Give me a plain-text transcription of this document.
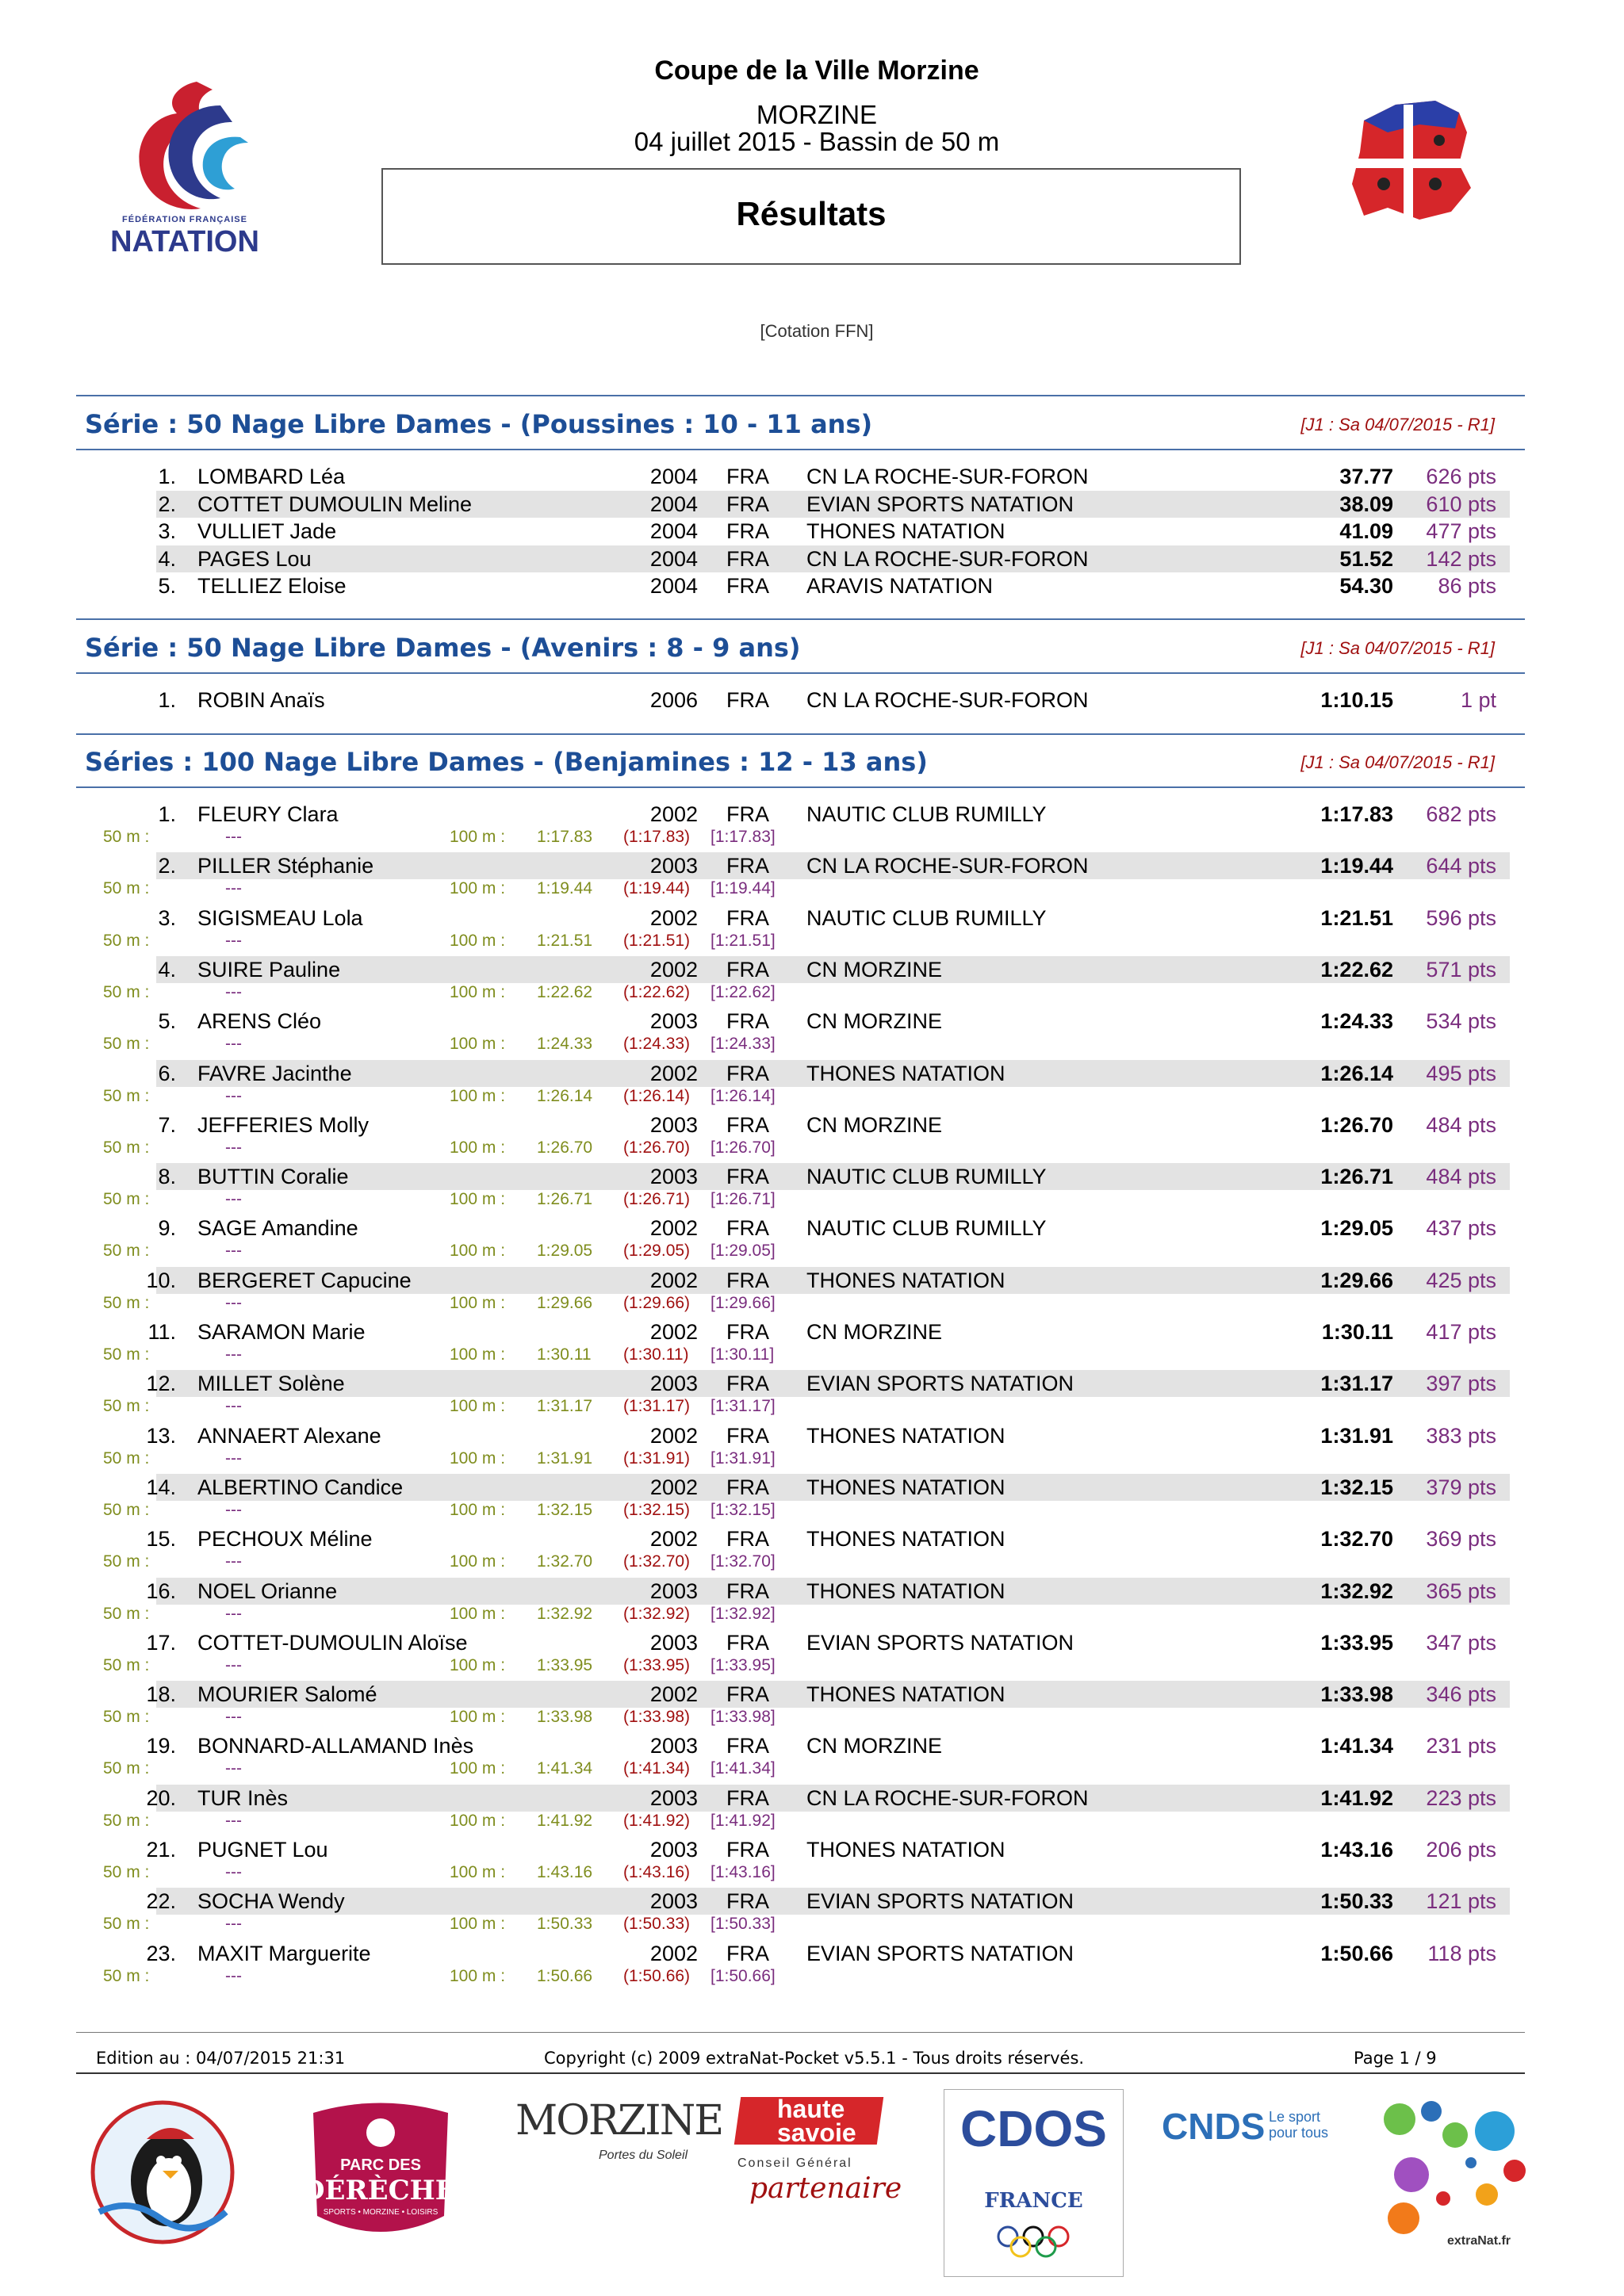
FÉDÉRATION FRANÇAISE
NATATION
Coupe de la Ville Morzine
MORZINE
04 juillet 2015 - Bassin de 50 m
Résultats
[Cotation FFN]
Série : 50 Nage Libre Dames - (Poussines : 10 - 11 ans)	[J1 : Sa 04/07/2015 - R1]
1. LOMBARD Léa	2004 FRA CN LA ROCHE-SUR-FORON	37.77	626 pts
2. COTTET DUMOULIN Meline	2004 FRA EVIAN SPORTS NATATION	38.09	610 pts
3. VULLIET Jade	2004 FRA THONES NATATION	41.09	477 pts
4. PAGES Lou	2004 FRA CN LA ROCHE-SUR-FORON	51.52	142 pts
5. TELLIEZ Eloise	2004 FRA ARAVIS NATATION	54.30	86 pts
Série : 50 Nage Libre Dames - (Avenirs : 8 - 9 ans)	[J1 : Sa 04/07/2015 - R1]
1. ROBIN Anaïs	2006 FRA CN LA ROCHE-SUR-FORON	1:10.15	1 pt
Séries : 100 Nage Libre Dames - (Benjamines : 12 - 13 ans)	[J1 : Sa 04/07/2015 - R1]
1. FLEURY Clara	2002 FRA NAUTIC CLUB RUMILLY	1:17.83	682 pts
50 m :	---	100 m : 1:17.83 (1:17.83) [1:17.83]
2. PILLER Stéphanie	2003 FRA CN LA ROCHE-SUR-FORON	1:19.44	644 pts
50 m :	---	100 m : 1:19.44 (1:19.44) [1:19.44]
3. SIGISMEAU Lola	2002 FRA NAUTIC CLUB RUMILLY	1:21.51	596 pts
50 m :	---	100 m : 1:21.51 (1:21.51) [1:21.51]
4. SUIRE Pauline	2002 FRA CN MORZINE	1:22.62	571 pts
50 m :	---	100 m : 1:22.62 (1:22.62) [1:22.62]
5. ARENS Cléo	2003 FRA CN MORZINE	1:24.33	534 pts
50 m :	---	100 m : 1:24.33 (1:24.33) [1:24.33]
6. FAVRE Jacinthe	2002 FRA THONES NATATION	1:26.14	495 pts
50 m :	---	100 m : 1:26.14 (1:26.14) [1:26.14]
7. JEFFERIES Molly	2003 FRA CN MORZINE	1:26.70	484 pts
50 m :	---	100 m : 1:26.70 (1:26.70) [1:26.70]
8. BUTTIN Coralie	2003 FRA NAUTIC CLUB RUMILLY	1:26.71	484 pts
50 m :	---	100 m : 1:26.71 (1:26.71) [1:26.71]
9. SAGE Amandine	2002 FRA NAUTIC CLUB RUMILLY	1:29.05	437 pts
50 m :	---	100 m : 1:29.05 (1:29.05) [1:29.05]
10. BERGERET Capucine	2002 FRA THONES NATATION	1:29.66	425 pts
50 m :	---	100 m : 1:29.66 (1:29.66) [1:29.66]
11. SARAMON Marie	2002 FRA CN MORZINE	1:30.11	417 pts
50 m :	---	100 m : 1:30.11 (1:30.11) [1:30.11]
12. MILLET Solène	2003 FRA EVIAN SPORTS NATATION	1:31.17	397 pts
50 m :	---	100 m : 1:31.17 (1:31.17) [1:31.17]
13. ANNAERT Alexane	2002 FRA THONES NATATION	1:31.91	383 pts
50 m :	---	100 m : 1:31.91 (1:31.91) [1:31.91]
14. ALBERTINO Candice	2002 FRA THONES NATATION	1:32.15	379 pts
50 m :	---	100 m : 1:32.15 (1:32.15) [1:32.15]
15. PECHOUX Méline	2002 FRA THONES NATATION	1:32.70	369 pts
50 m :	---	100 m : 1:32.70 (1:32.70) [1:32.70]
16. NOEL Orianne	2003 FRA THONES NATATION	1:32.92	365 pts
50 m :	---	100 m : 1:32.92 (1:32.92) [1:32.92]
17. COTTET-DUMOULIN Aloïse	2003 FRA EVIAN SPORTS NATATION	1:33.95	347 pts
50 m :	---	100 m : 1:33.95 (1:33.95) [1:33.95]
18. MOURIER Salomé	2002 FRA THONES NATATION	1:33.98	346 pts
50 m :	---	100 m : 1:33.98 (1:33.98) [1:33.98]
19. BONNARD-ALLAMAND Inès	2003 FRA CN MORZINE	1:41.34	231 pts
50 m :	---	100 m : 1:41.34 (1:41.34) [1:41.34]
20. TUR Inès	2003 FRA CN LA ROCHE-SUR-FORON	1:41.92	223 pts
50 m :	---	100 m : 1:41.92 (1:41.92) [1:41.92]
21. PUGNET Lou	2003 FRA THONES NATATION	1:43.16	206 pts
50 m :	---	100 m : 1:43.16 (1:43.16) [1:43.16]
22. SOCHA Wendy	2003 FRA EVIAN SPORTS NATATION	1:50.33	121 pts
50 m :	---	100 m : 1:50.33 (1:50.33) [1:50.33]
23. MAXIT Marguerite	2002 FRA EVIAN SPORTS NATATION	1:50.66	118 pts
50 m :	---	100 m : 1:50.66 (1:50.66) [1:50.66]
Edition au : 04/07/2015 21:31	Copyright (c) 2009 extraNat-Pocket v5.5.1 - Tous droits réservés.	Page 1 / 9
PARC DES
DÉRÈCHES
SPORTS • MORZINE • LOISIRS
MORZINE
Portes du Soleil
haute
savoie
Conseil Général
partenaire
CDOS
FRANCE
CNDS Le sport pour tous
extraNat.fr
